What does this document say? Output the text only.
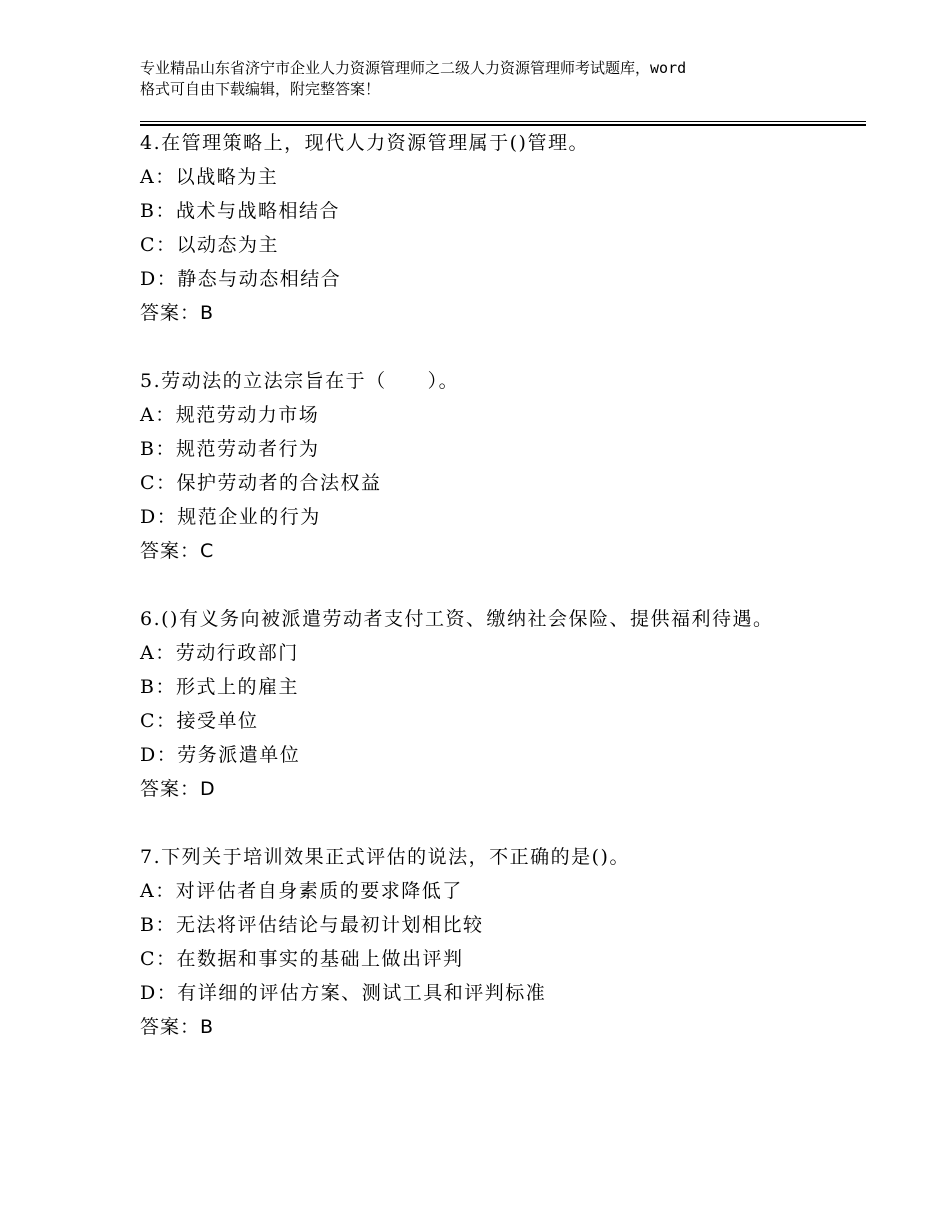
专业精品山东省济宁市企业人力资源管理师之二级人力资源管理师考试题库，word
格式可自由下载编辑，附完整答案！

4.在管理策略上，现代人力资源管理属于()管理。

A：以战略为主

B：战术与战略相结合

C：以动态为主

D：静态与动态相结合

答案：B

5.劳动法的立法宗旨在于（　　）。

A：规范劳动力市场

B：规范劳动者行为

C：保护劳动者的合法权益

D：规范企业的行为

答案：C

6.()有义务向被派遣劳动者支付工资、缴纳社会保险、提供福利待遇。

A：劳动行政部门

B：形式上的雇主

C：接受单位

D：劳务派遣单位

答案：D

7.下列关于培训效果正式评估的说法，不正确的是()。

A：对评估者自身素质的要求降低了

B：无法将评估结论与最初计划相比较

C：在数据和事实的基础上做出评判

D：有详细的评估方案、测试工具和评判标准

答案：B
